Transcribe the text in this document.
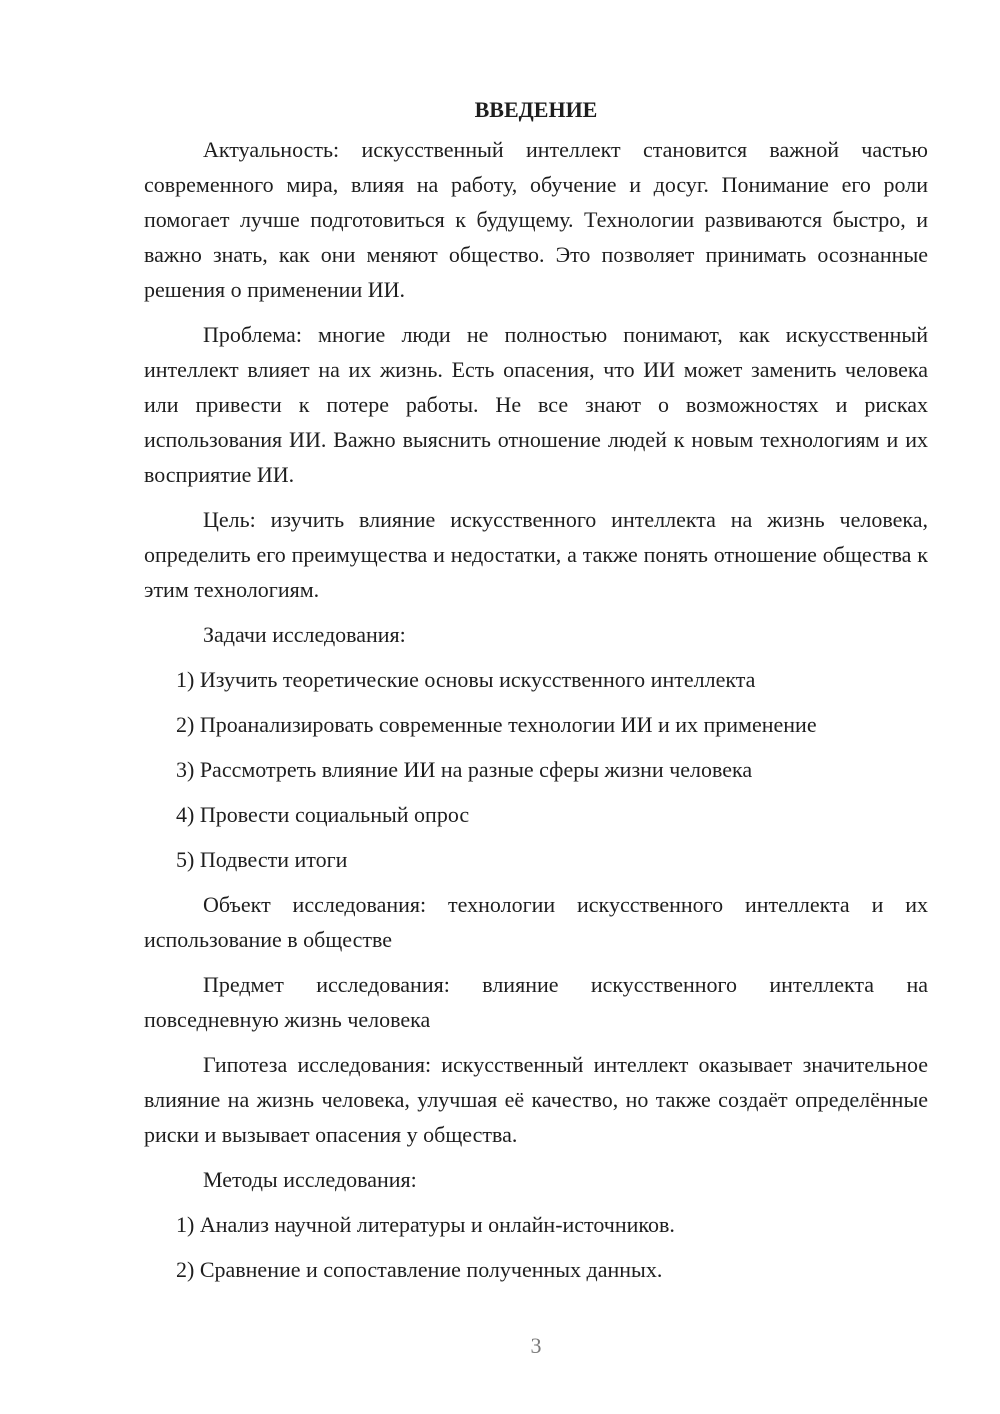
ВВЕДЕНИЕ

Актуальность: искусственный интеллект становится важной частью современного мира, влияя на работу, обучение и досуг. Понимание его роли помогает лучше подготовиться к будущему. Технологии развиваются быстро, и важно знать, как они меняют общество. Это позволяет принимать осознанные решения о применении ИИ.

Проблема: многие люди не полностью понимают, как искусственный интеллект влияет на их жизнь. Есть опасения, что ИИ может заменить человека или привести к потере работы. Не все знают о возможностях и рисках использования ИИ. Важно выяснить отношение людей к новым технологиям и их восприятие ИИ.

Цель: изучить влияние искусственного интеллекта на жизнь человека, определить его преимущества и недостатки, а также понять отношение общества к этим технологиям.

Задачи исследования:

1) Изучить теоретические основы искусственного интеллекта

2) Проанализировать современные технологии ИИ и их применение

3) Рассмотреть влияние ИИ на разные сферы жизни человека

4) Провести социальный опрос

5) Подвести итоги

Объект исследования: технологии искусственного интеллекта и их использование в обществе

Предмет исследования: влияние искусственного интеллекта на повседневную жизнь человека

Гипотеза исследования: искусственный интеллект оказывает значительное влияние на жизнь человека, улучшая её качество, но также создаёт определённые риски и вызывает опасения у общества.

Методы исследования:

1) Анализ научной литературы и онлайн-источников.

2) Сравнение и сопоставление полученных данных.

3
